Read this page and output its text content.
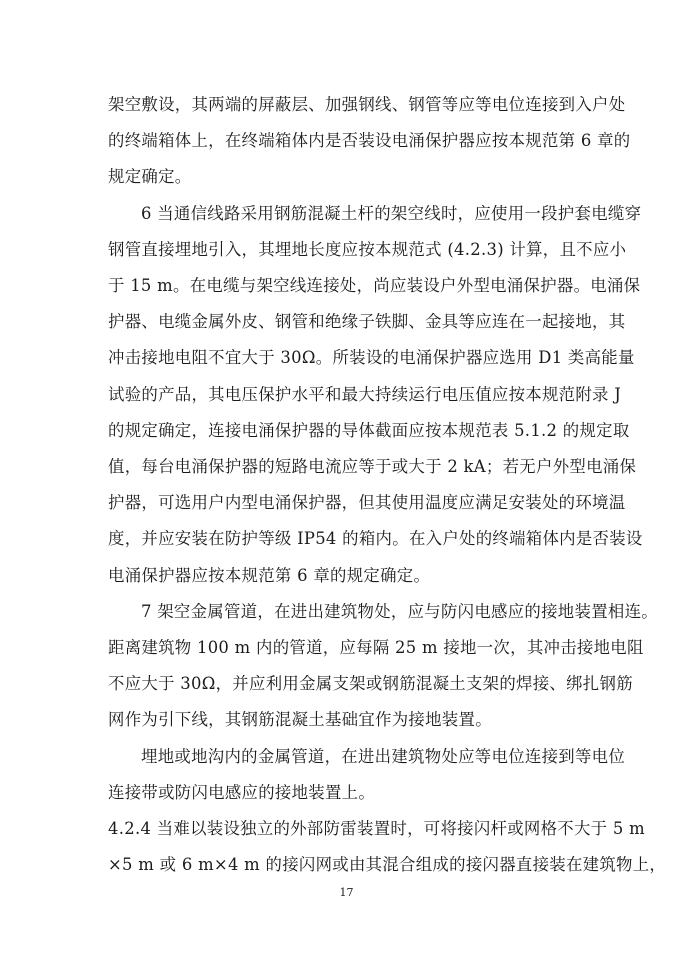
架空敷设，其两端的屏蔽层、加强钢线、钢管等应等电位连接到入户处
的终端箱体上，在终端箱体内是否装设电涌保护器应按本规范第 6 章的
规定确定。
6 当通信线路采用钢筋混凝土杆的架空线时，应使用一段护套电缆穿
钢管直接埋地引入，其埋地长度应按本规范式 (4.2.3) 计算，且不应小
于 15 m。在电缆与架空线连接处，尚应装设户外型电涌保护器。电涌保
护器、电缆金属外皮、钢管和绝缘子铁脚、金具等应连在一起接地，其
冲击接地电阻不宜大于 30Ω。所装设的电涌保护器应选用 D1 类高能量
试验的产品，其电压保护水平和最大持续运行电压值应按本规范附录 J
的规定确定，连接电涌保护器的导体截面应按本规范表 5.1.2 的规定取
值，每台电涌保护器的短路电流应等于或大于 2 kA；若无户外型电涌保
护器，可选用户内型电涌保护器，但其使用温度应满足安装处的环境温
度，并应安装在防护等级 IP54 的箱内。在入户处的终端箱体内是否装设
电涌保护器应按本规范第 6 章的规定确定。
7 架空金属管道，在进出建筑物处，应与防闪电感应的接地装置相连。
距离建筑物 100 m 内的管道，应每隔 25 m 接地一次，其冲击接地电阻
不应大于 30Ω，并应利用金属支架或钢筋混凝土支架的焊接、绑扎钢筋
网作为引下线，其钢筋混凝土基础宜作为接地装置。
埋地或地沟内的金属管道，在进出建筑物处应等电位连接到等电位
连接带或防闪电感应的接地装置上。
17
4.2.4 当难以装设独立的外部防雷装置时，可将接闪杆或网格不大于 5 m
×5 m 或 6 m×4 m 的接闪网或由其混合组成的接闪器直接装在建筑物上，
